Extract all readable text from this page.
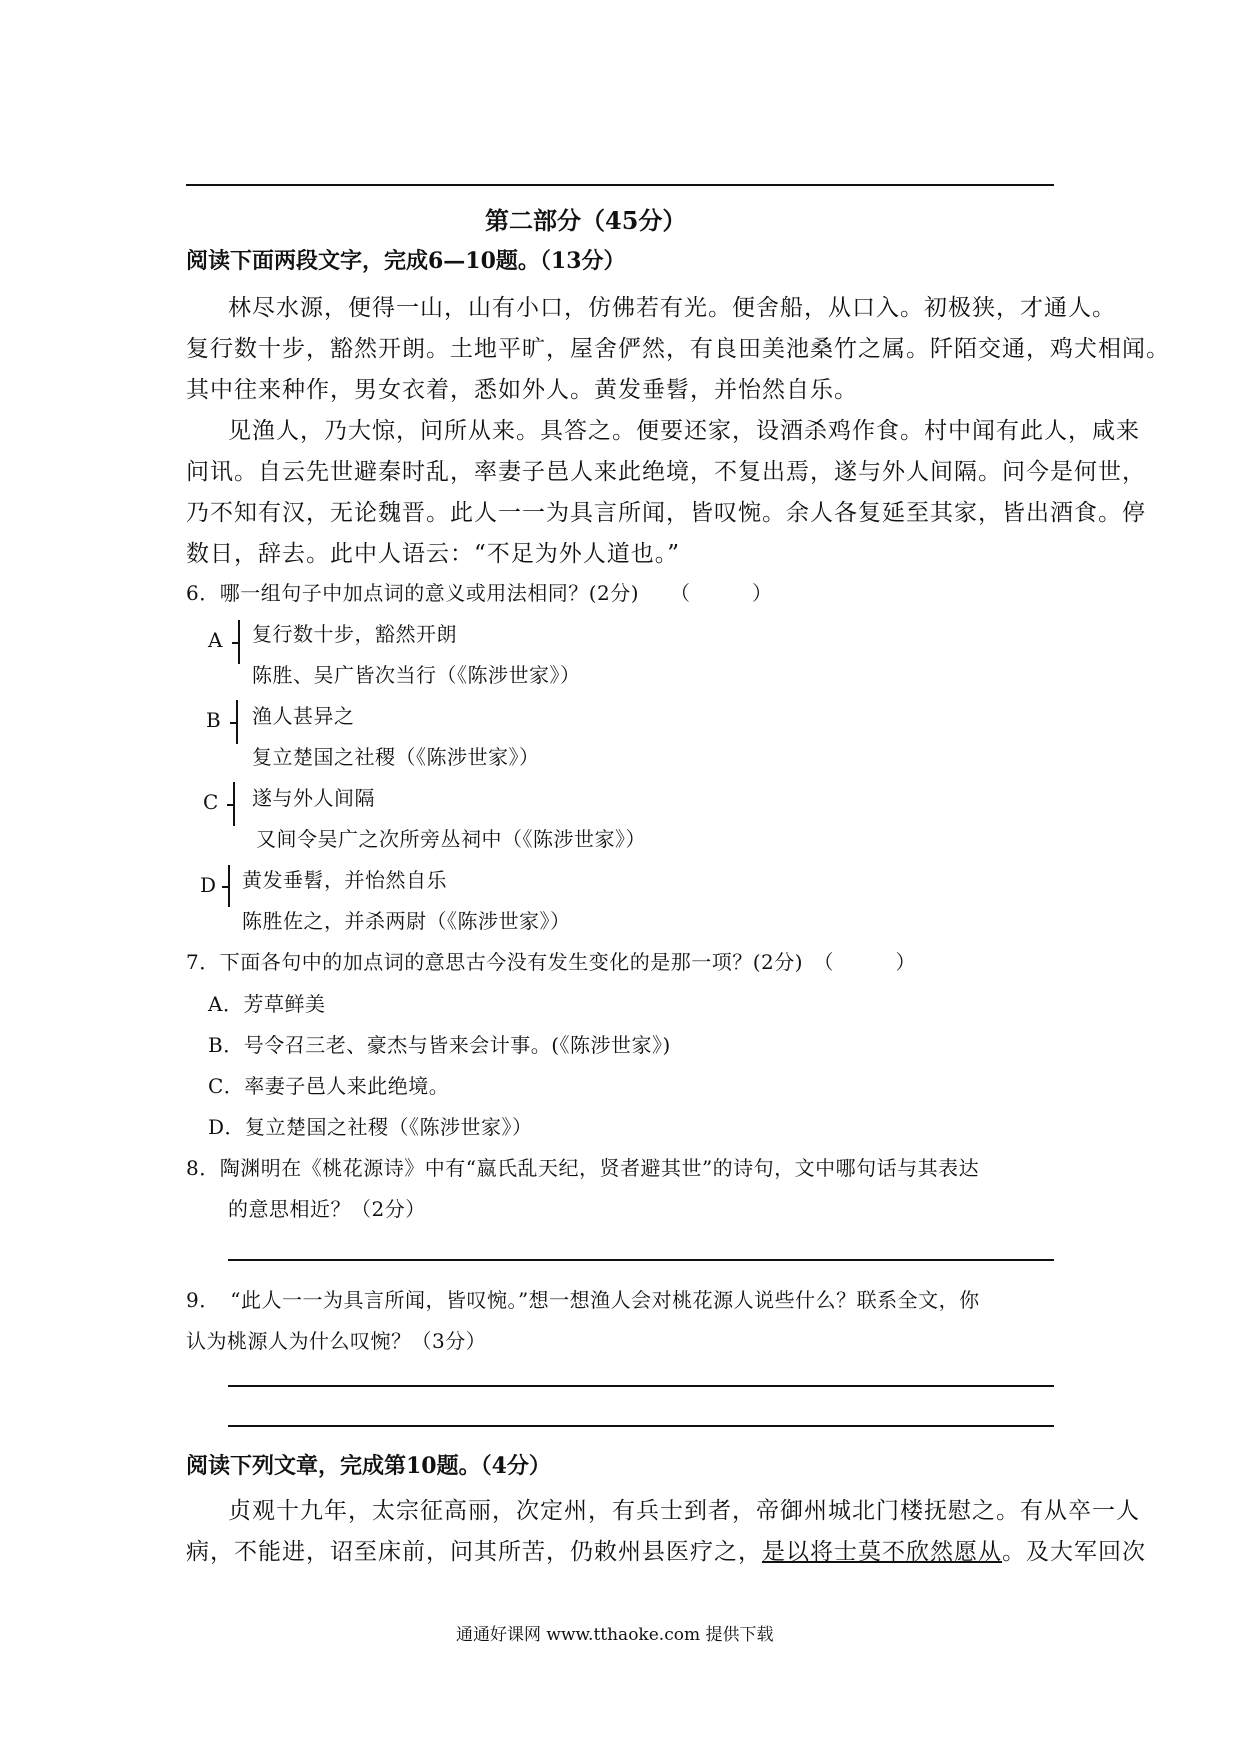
第二部分（45分）
阅读下面两段文字，完成6—10题。（13分）
林尽水源，便得一山，山有小口，仿佛若有光。便舍船，从口入。初极狭，才通人。
复行数十步，豁然开朗。土地平旷，屋舍俨然，有良田美池桑竹之属。阡陌交通，鸡犬相闻。
其中往来种作，男女衣着，悉如外人。黄发垂髫，并怡然自乐。
见渔人，乃大惊，问所从来。具答之。便要还家，设酒杀鸡作食。村中闻有此人，咸来
问讯。自云先世避秦时乱，率妻子邑人来此绝境，不复出焉，遂与外人间隔。问今是何世，
乃不知有汉，无论魏晋。此人一一为具言所闻，皆叹惋。余人各复延至其家，皆出酒食。停
数日，辞去。此中人语云：“不足为外人道也。”
6．哪一组句子中加点词的意义或用法相同？(2分)　　（　　　）
A 复行数十步，豁然开朗
陈胜、吴广皆次当行（《陈涉世家》）
B 渔人甚异之
复立楚国之社稷（《陈涉世家》）
C 遂与外人间隔
又间令吴广之次所旁丛祠中（《陈涉世家》）
D 黄发垂髫，并怡然自乐
陈胜佐之，并杀两尉（《陈涉世家》）
7．下面各句中的加点词的意思古今没有发生变化的是那一项？(2分)　（　　　）
A．芳草鲜美
B．号令召三老、豪杰与皆来会计事。(《陈涉世家》)
C．率妻子邑人来此绝境。
D．复立楚国之社稷（《陈涉世家》）
8．陶渊明在《桃花源诗》中有“嬴氏乱天纪，贤者避其世”的诗句，文中哪句话与其表达
的意思相近？（2分）
9．　“此人一一为具言所闻，皆叹惋。”想一想渔人会对桃花源人说些什么？联系全文，你
认为桃源人为什么叹惋？（3分）
阅读下列文章，完成第10题。（4分）
贞观十九年，太宗征高丽，次定州，有兵士到者，帝御州城北门楼抚慰之。有从卒一人
病，不能进，诏至床前，问其所苦，仍敕州县医疗之，是以将士莫不欣然愿从。及大军回次
通通好课网 www.tthaoke.com 提供下载
